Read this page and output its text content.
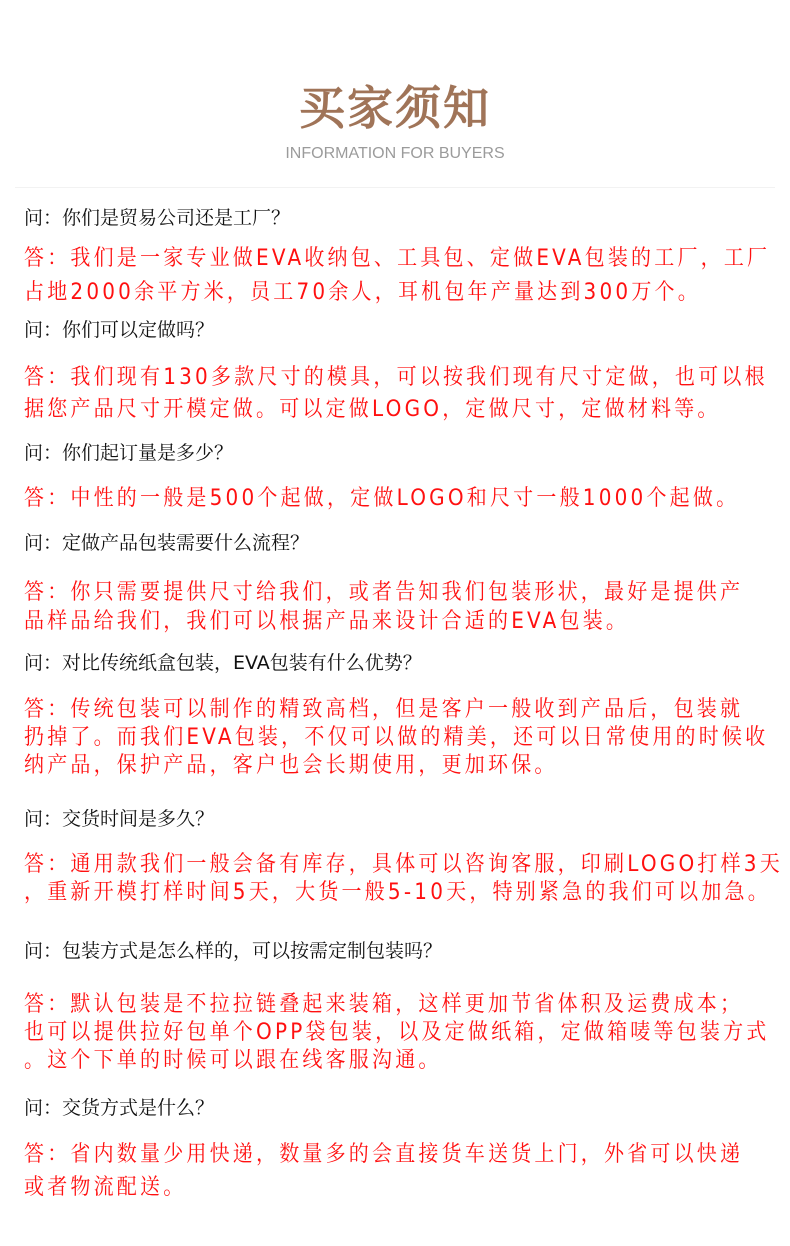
买家须知
INFORMATION FOR BUYERS
问：你们是贸易公司还是工厂？
答：我们是一家专业做EVA收纳包、工具包、定做EVA包装的工厂，工厂
占地2000余平方米，员工70余人，耳机包年产量达到300万个。
问：你们可以定做吗？
答：我们现有130多款尺寸的模具，可以按我们现有尺寸定做，也可以根
据您产品尺寸开模定做。可以定做LOGO，定做尺寸，定做材料等。
问：你们起订量是多少？
答：中性的一般是500个起做，定做LOGO和尺寸一般1000个起做。
问：定做产品包装需要什么流程？
答：你只需要提供尺寸给我们，或者告知我们包装形状，最好是提供产
品样品给我们，我们可以根据产品来设计合适的EVA包装。
问：对比传统纸盒包装，EVA包装有什么优势？
答：传统包装可以制作的精致高档，但是客户一般收到产品后，包装就
扔掉了。而我们EVA包装，不仅可以做的精美，还可以日常使用的时候收
纳产品，保护产品，客户也会长期使用，更加环保。
问：交货时间是多久？
答：通用款我们一般会备有库存，具体可以咨询客服，印刷LOGO打样3天
，重新开模打样时间5天，大货一般5-10天，特别紧急的我们可以加急。
问：包装方式是怎么样的，可以按需定制包装吗？
答：默认包装是不拉拉链叠起来装箱，这样更加节省体积及运费成本；
也可以提供拉好包单个OPP袋包装，以及定做纸箱，定做箱唛等包装方式
。这个下单的时候可以跟在线客服沟通。
问：交货方式是什么？
答：省内数量少用快递，数量多的会直接货车送货上门，外省可以快递
或者物流配送。
